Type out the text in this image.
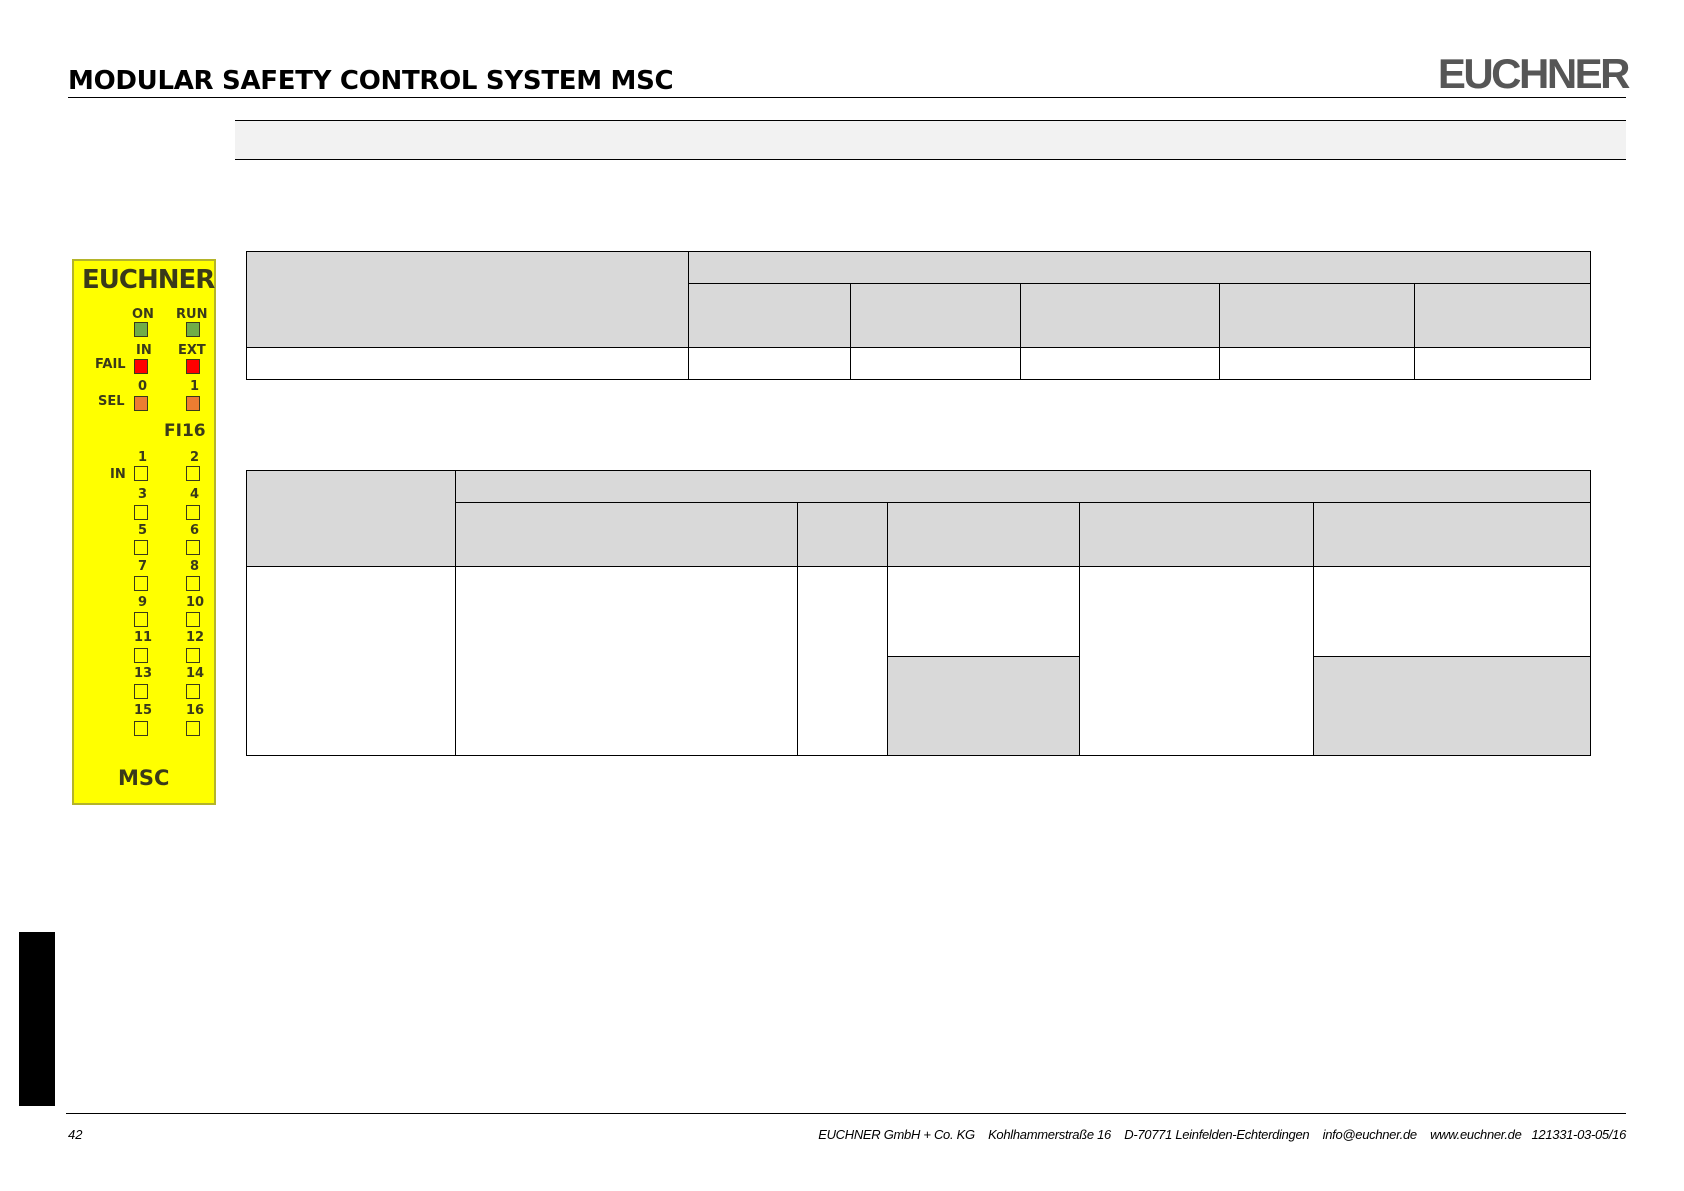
MODULAR SAFETY CONTROL SYSTEM MSC	EUCHNER
EUCHNER
ON RUN
IN EXT
FAIL
0	1
SEL
FI16
IN
1	2
3	4
5	6
7	8
9	10
11	12
13	14
15	16
MSC
42	EUCHNER GmbH + Co. KG Kohlhammerstraße 16 D-70771 Leinfelden-Echterdingen info@euchner.de www.euchner.de 121331-03-05/16
